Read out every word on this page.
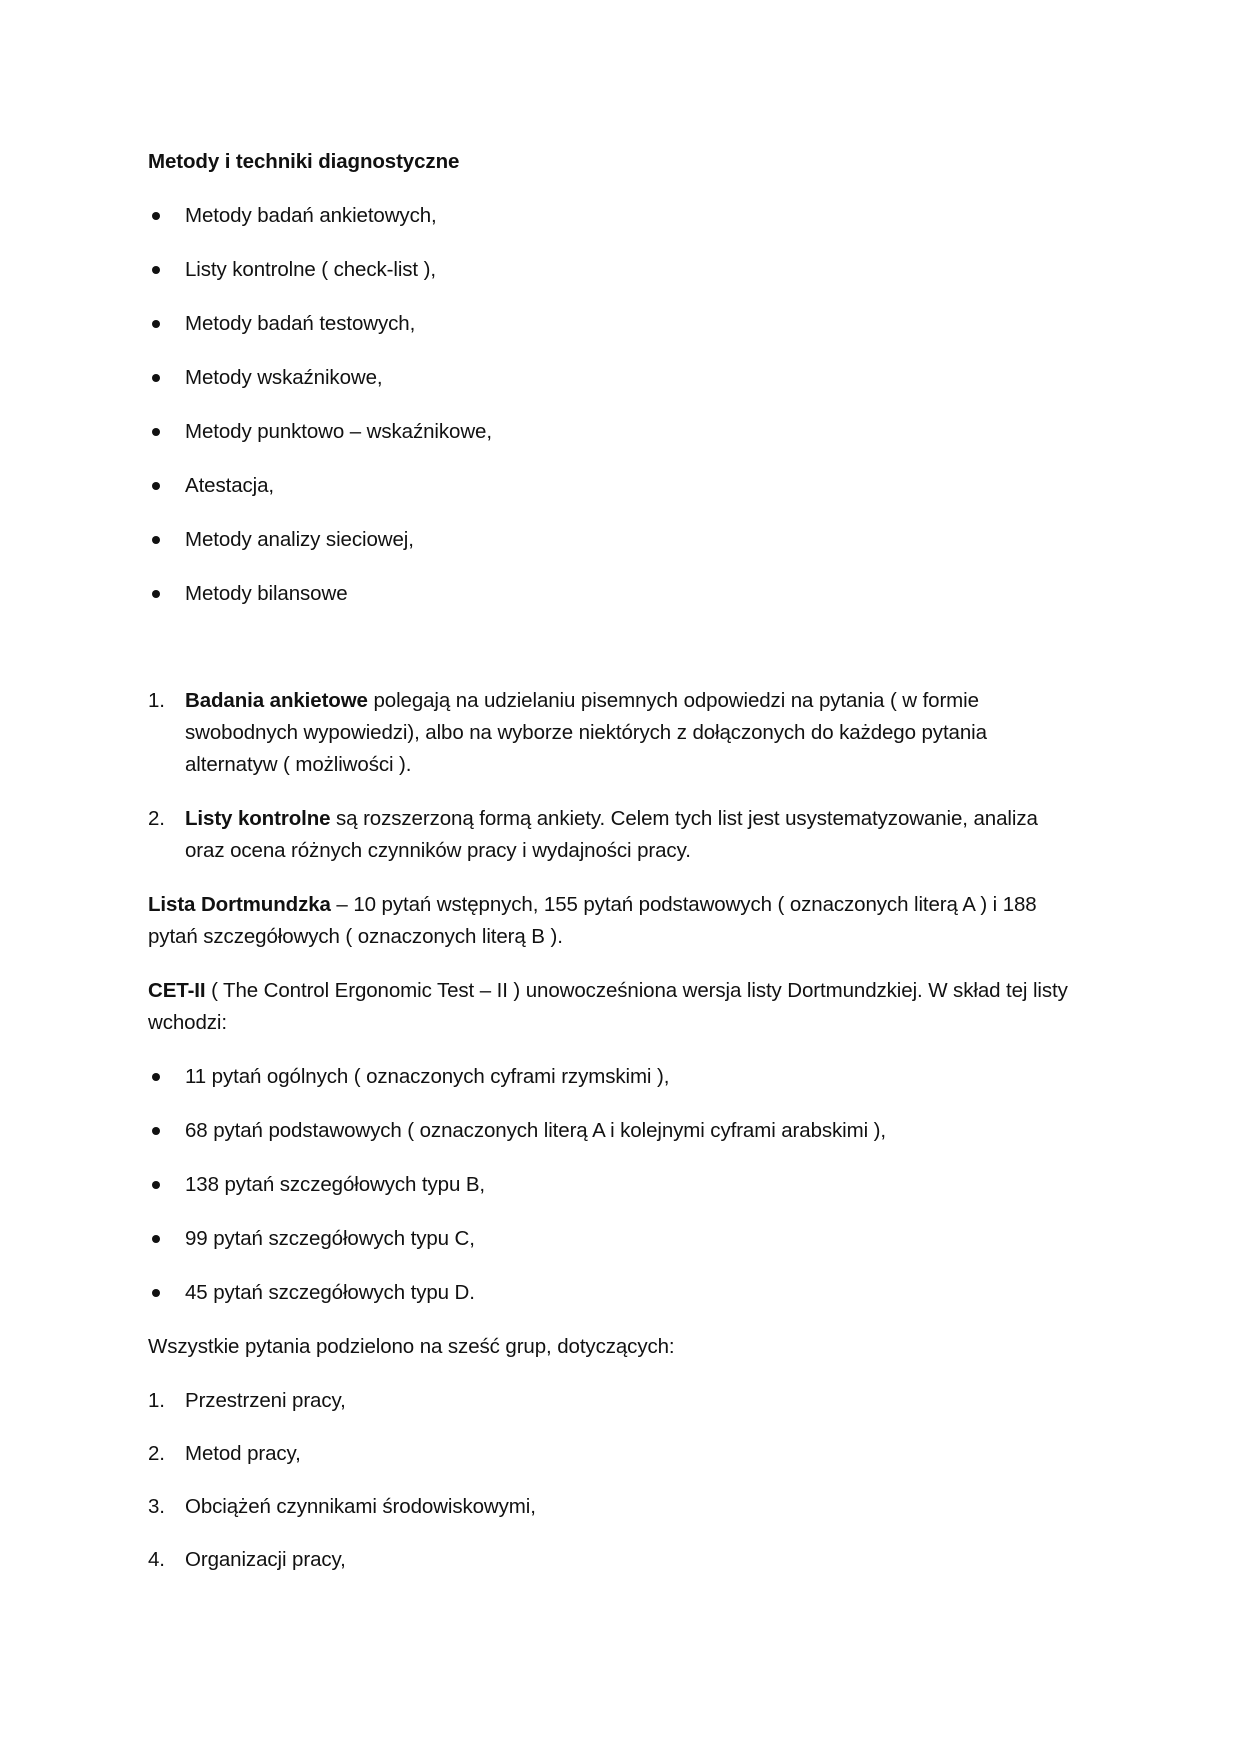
Metody i techniki diagnostyczne
Metody badań ankietowych,
Listy kontrolne ( check-list ),
Metody badań testowych,
Metody wskaźnikowe,
Metody punktowo – wskaźnikowe,
Atestacja,
Metody analizy sieciowej,
Metody bilansowe
1. Badania ankietowe polegają na udzielaniu pisemnych odpowiedzi na pytania ( w formie swobodnych wypowiedzi), albo na wyborze niektórych z dołączonych do każdego pytania alternatyw ( możliwości ).
2. Listy kontrolne są rozszerzoną formą ankiety. Celem tych list jest usystematyzowanie, analiza oraz ocena różnych czynników pracy i wydajności pracy.

Lista Dortmundzka – 10 pytań wstępnych, 155 pytań podstawowych ( oznaczonych literą A ) i 188 pytań szczegółowych ( oznaczonych literą B ).

CET-II ( The Control Ergonomic Test – II ) unowocześniona wersja listy Dortmundzkiej. W skład tej listy wchodzi:

11 pytań ogólnych ( oznaczonych cyframi rzymskimi ),
68 pytań podstawowych ( oznaczonych literą A i kolejnymi cyframi arabskimi ),
138 pytań szczegółowych typu B,
99 pytań szczegółowych typu C,
45 pytań szczegółowych typu D.

Wszystkie pytania podzielono na sześć grup, dotyczących:

1. Przestrzeni pracy,
2. Metod pracy,
3. Obciążeń czynnikami środowiskowymi,
4. Organizacji pracy,
